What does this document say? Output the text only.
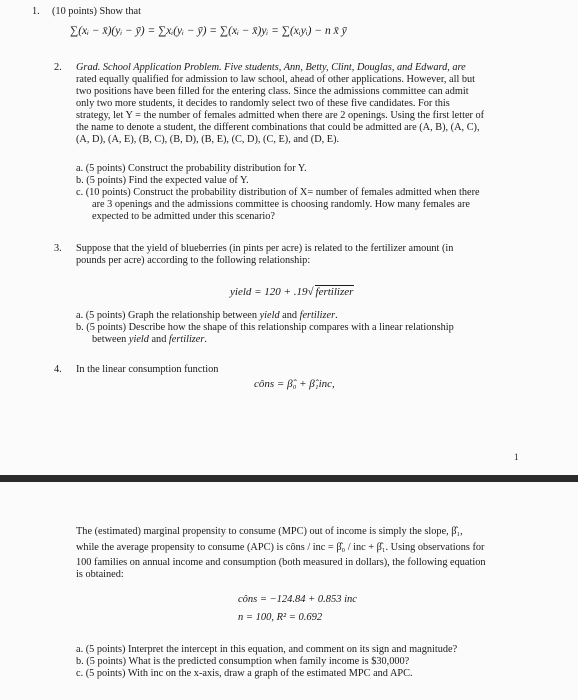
1. (10 points) Show that
∑(xᵢ − x̄)(yᵢ − ȳ) = ∑xᵢ(yᵢ − ȳ) = ∑(xᵢ − x̄)yᵢ = ∑(xᵢyᵢ) − n x̄ ȳ
2. Grad. School Application Problem. Five students, Ann, Betty, Clint, Douglas, and Edward, are
rated equally qualified for admission to law school, ahead of other applications. However, all but
two positions have been filled for the entering class. Since the admissions committee can admit
only two more students, it decides to randomly select two of these five candidates. For this
strategy, let Y = the number of females admitted when there are 2 openings. Using the first letter of
the name to denote a student, the different combinations that could be admitted are (A, B), (A, C),
(A, D), (A, E), (B, C), (B, D), (B, E), (C, D), (C, E), and (D, E).
a. (5 points) Construct the probability distribution for Y.
b. (5 points) Find the expected value of Y.
c. (10 points) Construct the probability distribution of X= number of females admitted when there
are 3 openings and the admissions committee is choosing randomly. How many females are
expected to be admitted under this scenario?
3. Suppose that the yield of blueberries (in pints per acre) is related to the fertilizer amount (in
pounds per acre) according to the following relationship:
yield = 120 + .19√ fertilizer
a. (5 points) Graph the relationship between yield and fertilizer.
b. (5 points) Describe how the shape of this relationship compares with a linear relationship
between yield and fertilizer.
4. In the linear consumption function
côns = β̂₀ + β̂₁inc,
1
The (estimated) marginal propensity to consume (MPC) out of income is simply the slope, β̂₁,
while the average propensity to consume (APC) is côns / inc = β̂₀ / inc + β̂₁. Using observations for
100 families on annual income and consumption (both measured in dollars), the following equation
is obtained:
côns = −124.84 + 0.853 inc
n = 100, R² = 0.692
a. (5 points) Interpret the intercept in this equation, and comment on its sign and magnitude?
b. (5 points) What is the predicted consumption when family income is $30,000?
c. (5 points) With inc on the x-axis, draw a graph of the estimated MPC and APC.
